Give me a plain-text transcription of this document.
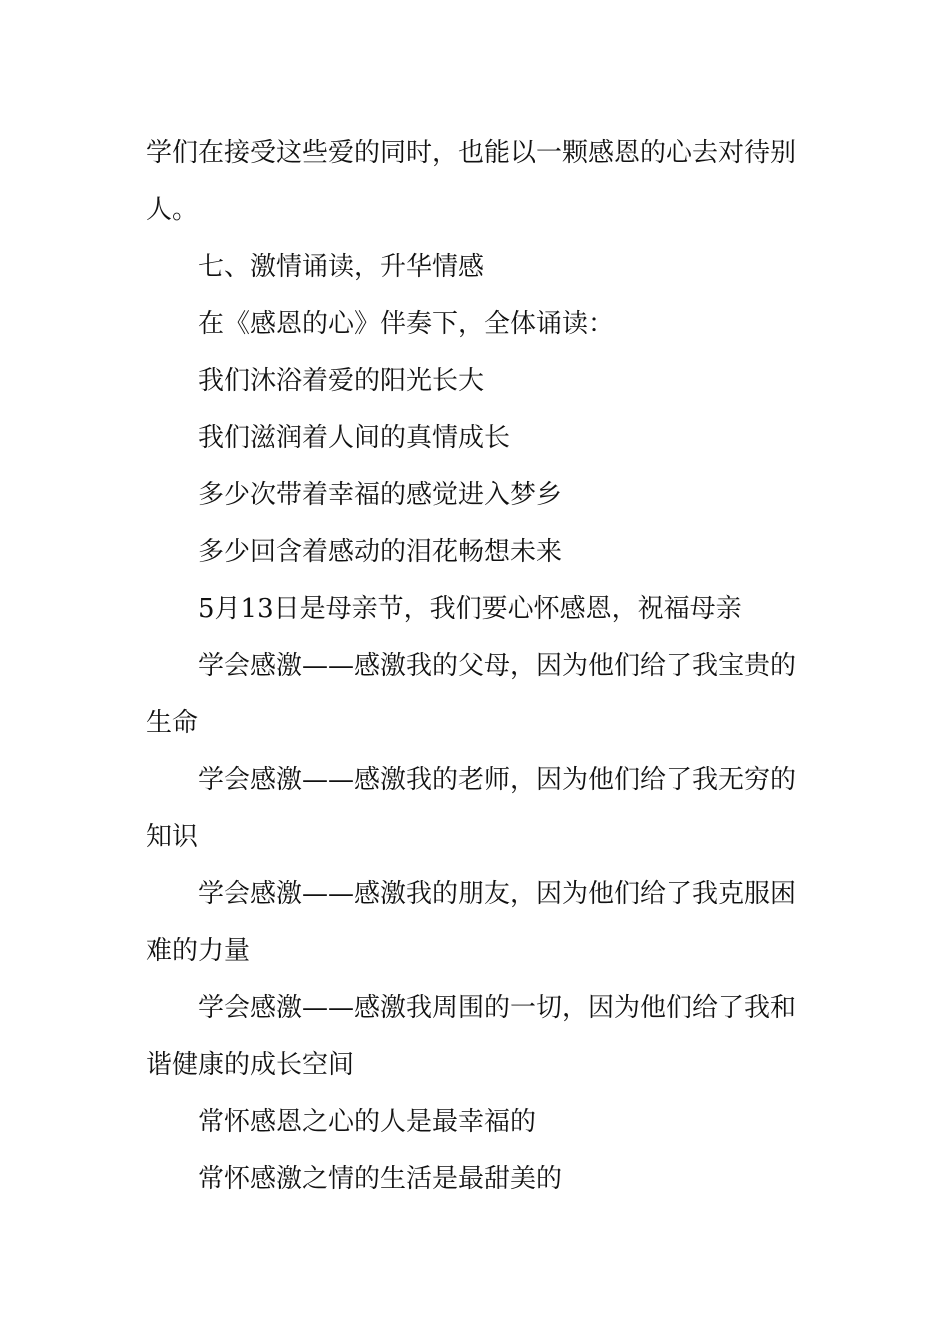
学们在接受这些爱的同时，也能以一颗感恩的心去对待别人。

七、激情诵读，升华情感

在《感恩的心》伴奏下，全体诵读：

我们沐浴着爱的阳光长大

我们滋润着人间的真情成长

多少次带着幸福的感觉进入梦乡

多少回含着感动的泪花畅想未来

5月13日是母亲节，我们要心怀感恩，祝福母亲

学会感激——感激我的父母，因为他们给了我宝贵的生命

学会感激——感激我的老师，因为他们给了我无穷的知识

学会感激——感激我的朋友，因为他们给了我克服困难的力量

学会感激——感激我周围的一切，因为他们给了我和谐健康的成长空间

常怀感恩之心的人是最幸福的

常怀感激之情的生活是最甜美的
